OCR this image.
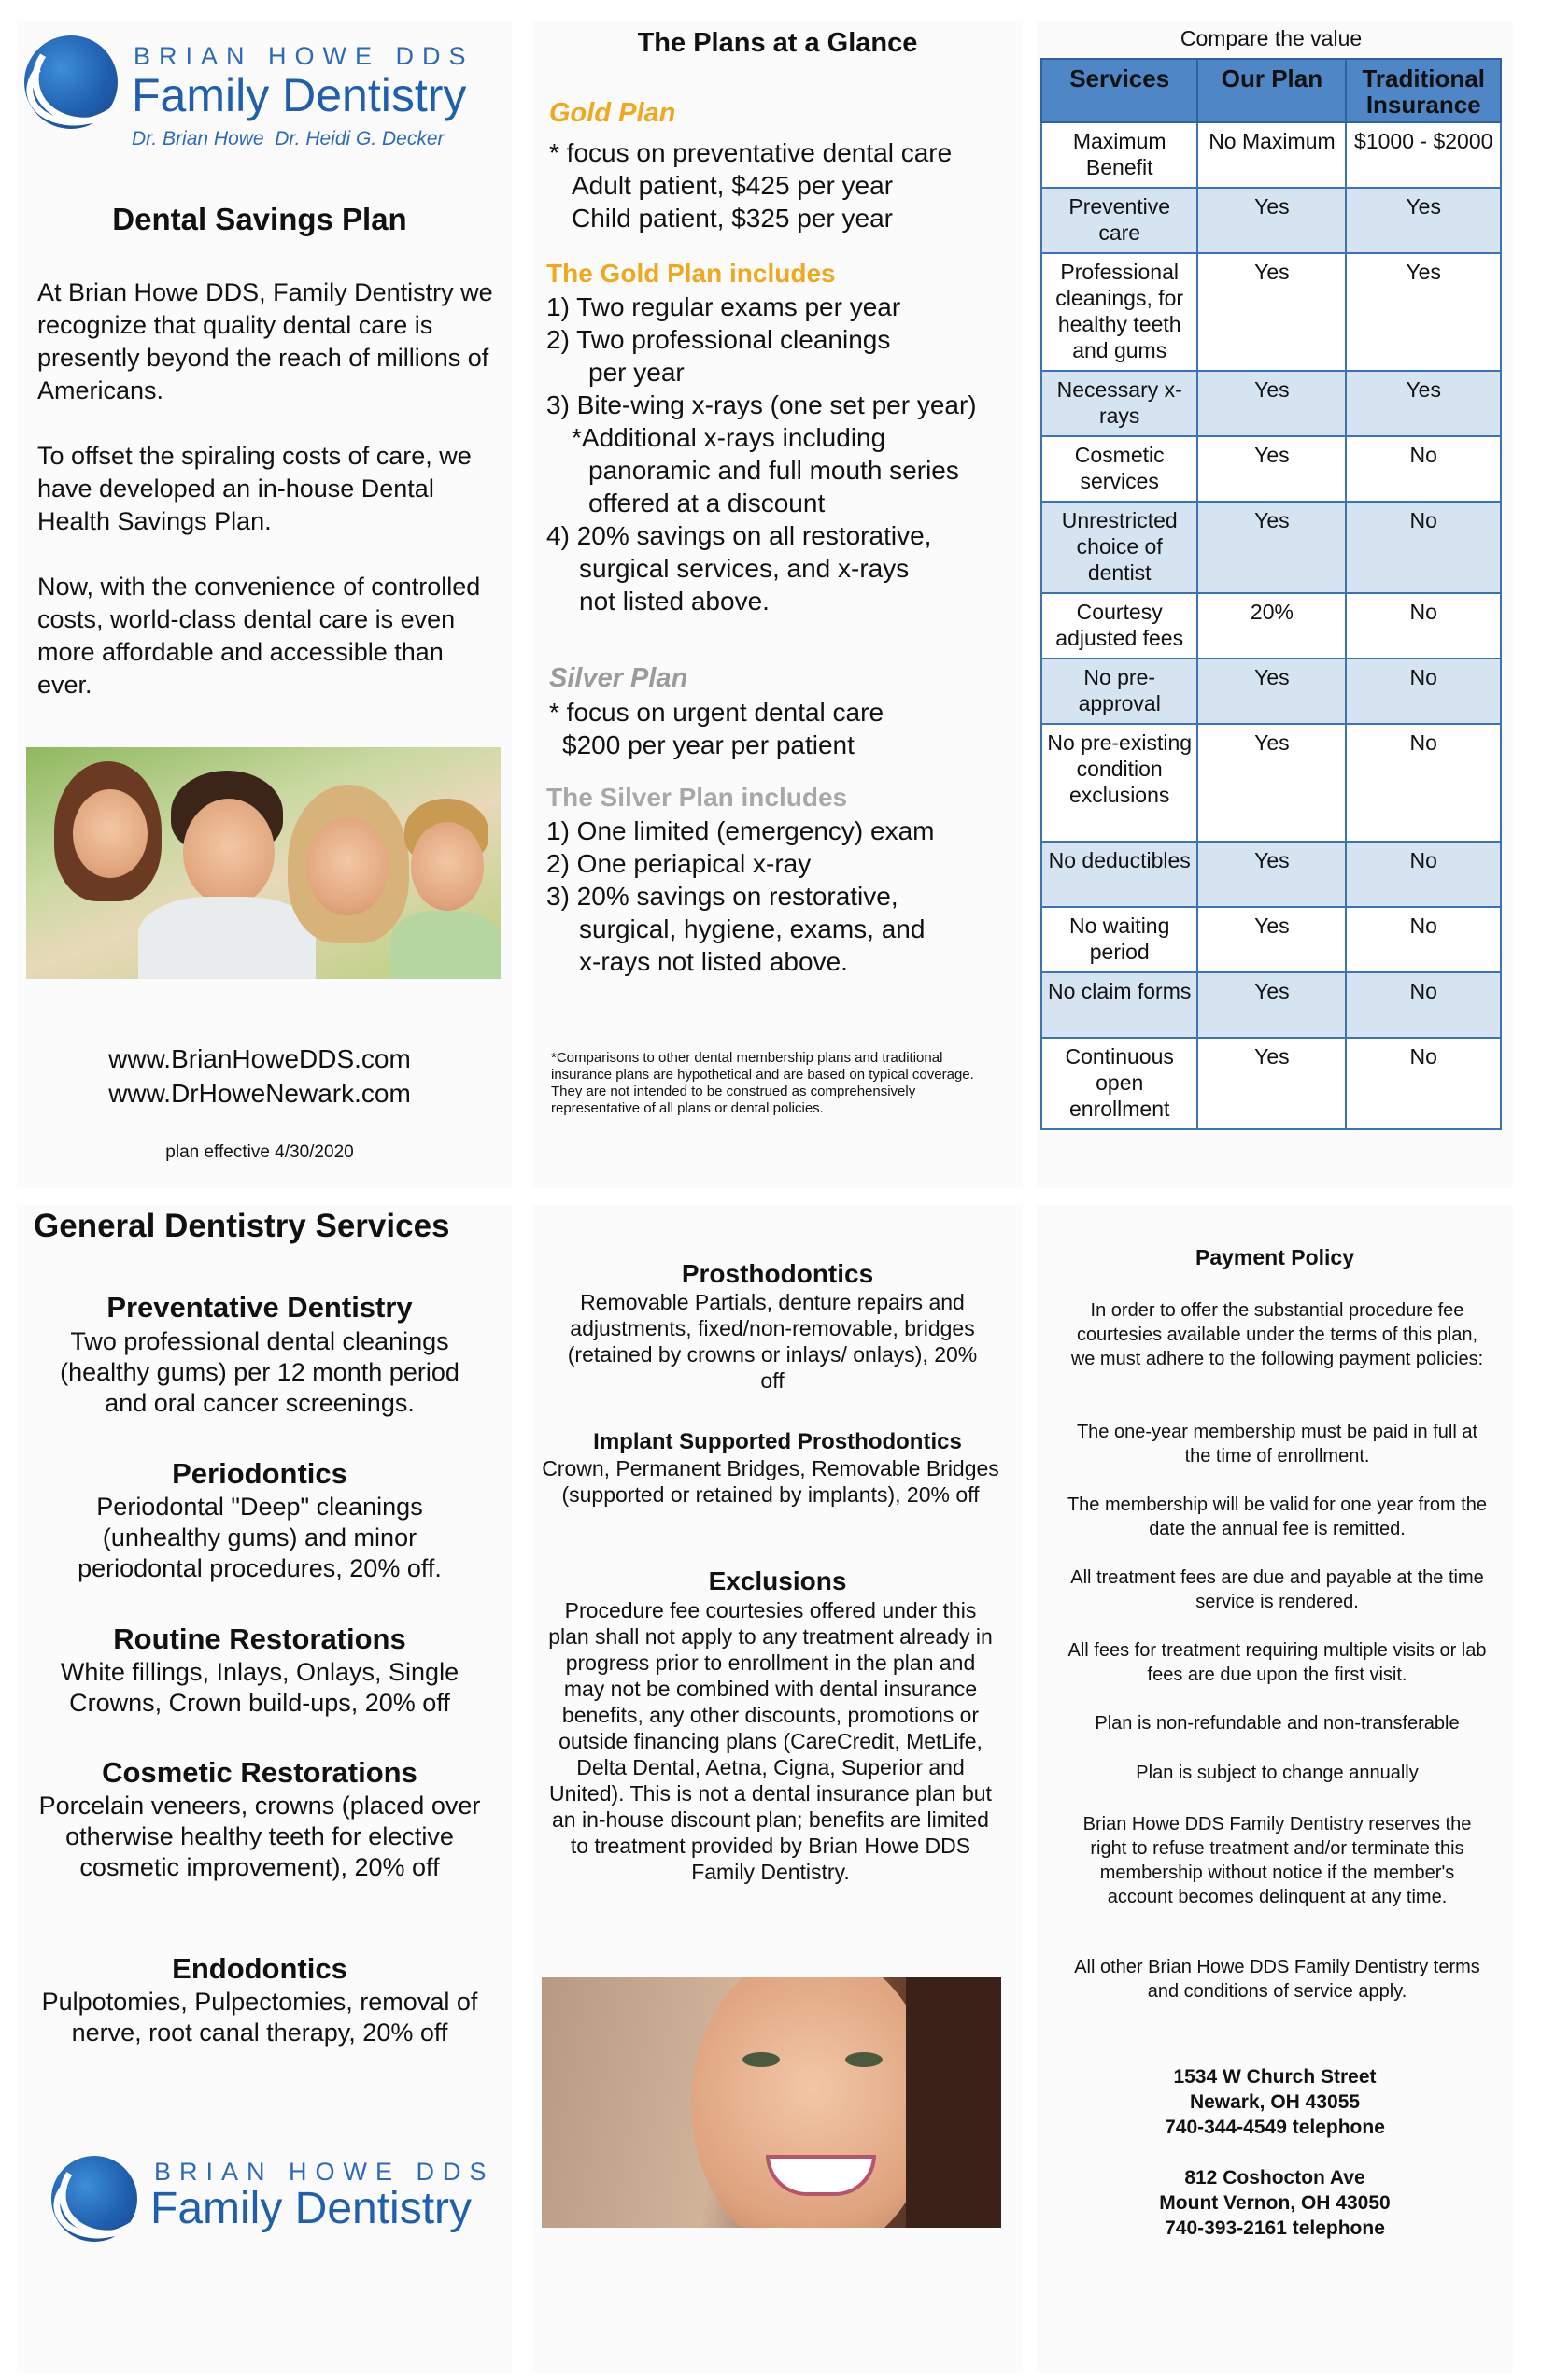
BRIAN HOWE DDS
Family Dentistry
Dr. Brian Howe  Dr. Heidi G. Decker
Dental Savings Plan
At Brian Howe DDS, Family Dentistry we recognize that quality dental care is presently beyond the reach of millions of Americans.
To offset the spiraling costs of care, we have developed an in-house Dental Health Savings Plan.
Now, with the convenience of controlled costs, world-class dental care is even more affordable and accessible than ever.
www.BrianHoweDDS.com
www.DrHoweNewark.com
plan effective 4/30/2020
The Plans at a Glance
Gold Plan
* focus on preventative dental care
Adult patient, $425 per year
Child patient, $325 per year
The Gold Plan includes
1) Two regular exams per year
2) Two professional cleanings
per year
3) Bite-wing x-rays (one set per year)
*Additional x-rays including
panoramic and full mouth series
offered at a discount
4) 20% savings on all restorative,
surgical services, and x-rays
not listed above.
Silver Plan
* focus on urgent dental care
$200 per year per patient
The Silver Plan includes
1) One limited (emergency) exam
2) One periapical x-ray
3) 20% savings on restorative,
surgical, hygiene, exams, and
x-rays not listed above.
*Comparisons to other dental membership plans and traditional insurance plans are hypothetical and are based on typical coverage. They are not intended to be construed as comprehensively representative of all plans or dental policies.
Compare the value
Services	Our Plan	Traditional Insurance
Maximum Benefit	No Maximum	$1000 - $2000
Preventive care	Yes	Yes
Professional cleanings, for healthy teeth and gums	Yes	Yes
Necessary x-rays	Yes	Yes
Cosmetic services	Yes	No
Unrestricted choice of dentist	Yes	No
Courtesy adjusted fees	20%	No
No pre-approval	Yes	No
No pre-existing condition exclusions	Yes	No
No deductibles	Yes	No
No waiting period	Yes	No
No claim forms	Yes	No
Continuous open enrollment	Yes	No
General Dentistry Services
Preventative Dentistry
Two professional dental cleanings (healthy gums) per 12 month period and oral cancer screenings.
Periodontics
Periodontal "Deep" cleanings (unhealthy gums) and minor periodontal procedures, 20% off.
Routine Restorations
White fillings, Inlays, Onlays, Single Crowns, Crown build-ups, 20% off
Cosmetic Restorations
Porcelain veneers, crowns (placed over otherwise healthy teeth for elective cosmetic improvement), 20% off
Endodontics
Pulpotomies, Pulpectomies, removal of nerve, root canal therapy, 20% off
BRIAN HOWE DDS
Family Dentistry
Prosthodontics
Removable Partials, denture repairs and adjustments, fixed/non-removable, bridges (retained by crowns or inlays/ onlays), 20% off
Implant Supported Prosthodontics
Crown, Permanent Bridges, Removable Bridges (supported or retained by implants), 20% off
Exclusions
Procedure fee courtesies offered under this plan shall not apply to any treatment already in progress prior to enrollment in the plan and may not be combined with dental insurance benefits, any other discounts, promotions or outside financing plans (CareCredit, MetLife, Delta Dental, Aetna, Cigna, Superior and United). This is not a dental insurance plan but an in-house discount plan; benefits are limited to treatment provided by Brian Howe DDS Family Dentistry.
Payment Policy
In order to offer the substantial procedure fee courtesies available under the terms of this plan, we must adhere to the following payment policies:
The one-year membership must be paid in full at the time of enrollment.
The membership will be valid for one year from the date the annual fee is remitted.
All treatment fees are due and payable at the time service is rendered.
All fees for treatment requiring multiple visits or lab fees are due upon the first visit.
Plan is non-refundable and non-transferable
Plan is subject to change annually
Brian Howe DDS Family Dentistry reserves the right to refuse treatment and/or terminate this membership without notice if the member's account becomes delinquent at any time.
All other Brian Howe DDS Family Dentistry terms and conditions of service apply.
1534 W Church Street
Newark, OH 43055
740-344-4549 telephone
812 Coshocton Ave
Mount Vernon, OH 43050
740-393-2161 telephone
